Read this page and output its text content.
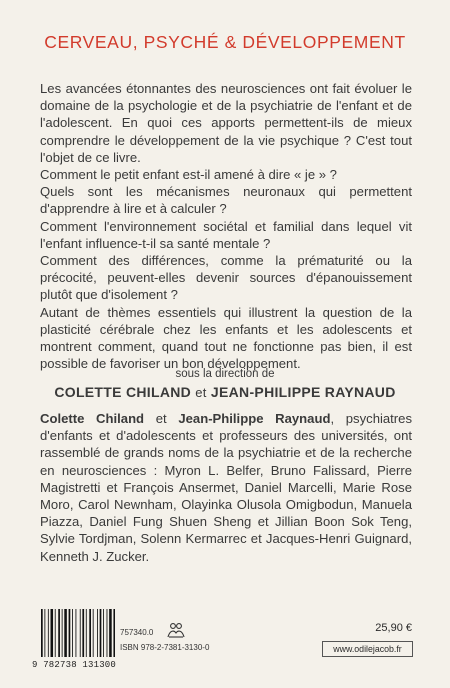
CERVEAU, PSYCHÉ & DÉVELOPPEMENT

Les avancées étonnantes des neurosciences ont fait évoluer le domaine de la psychologie et de la psychiatrie de l'enfant et de l'adolescent. En quoi ces apports permettent-ils de mieux comprendre le développement de la vie psychique ? C'est tout l'objet de ce livre.

Comment le petit enfant est-il amené à dire « je » ?

Quels sont les mécanismes neuronaux qui permettent d'apprendre à lire et à calculer ?

Comment l'environnement sociétal et familial dans lequel vit l'enfant influence-t-il sa santé mentale ?

Comment des différences, comme la prématurité ou la précocité, peuvent-elles devenir sources d'épanouissement plutôt que d'isolement ?

Autant de thèmes essentiels qui illustrent la question de la plasticité cérébrale chez les enfants et les adolescents et montrent comment, quand tout ne fonctionne pas bien, il est possible de favoriser un bon développement.

sous la direction de
COLETTE CHILAND et JEAN-PHILIPPE RAYNAUD

Colette Chiland et Jean-Philippe Raynaud, psychiatres d'enfants et d'adolescents et professeurs des universités, ont rassemblé de grands noms de la psychiatrie et de la recherche en neurosciences : Myron L. Belfer, Bruno Falissard, Pierre Magistretti et François Ansermet, Daniel Marcelli, Marie Rose Moro, Carol Newnham, Olayinka Olusola Omigbodun, Manuela Piazza, Daniel Fung Shuen Sheng et Jillian Boon Sok Teng, Sylvie Tordjman, Solenn Kermarrec et Jacques-Henri Guignard, Kenneth J. Zucker.

9 782738 131300
757340.0
ISBN 978-2-7381-3130-0
25,90 €
www.odilejacob.fr
